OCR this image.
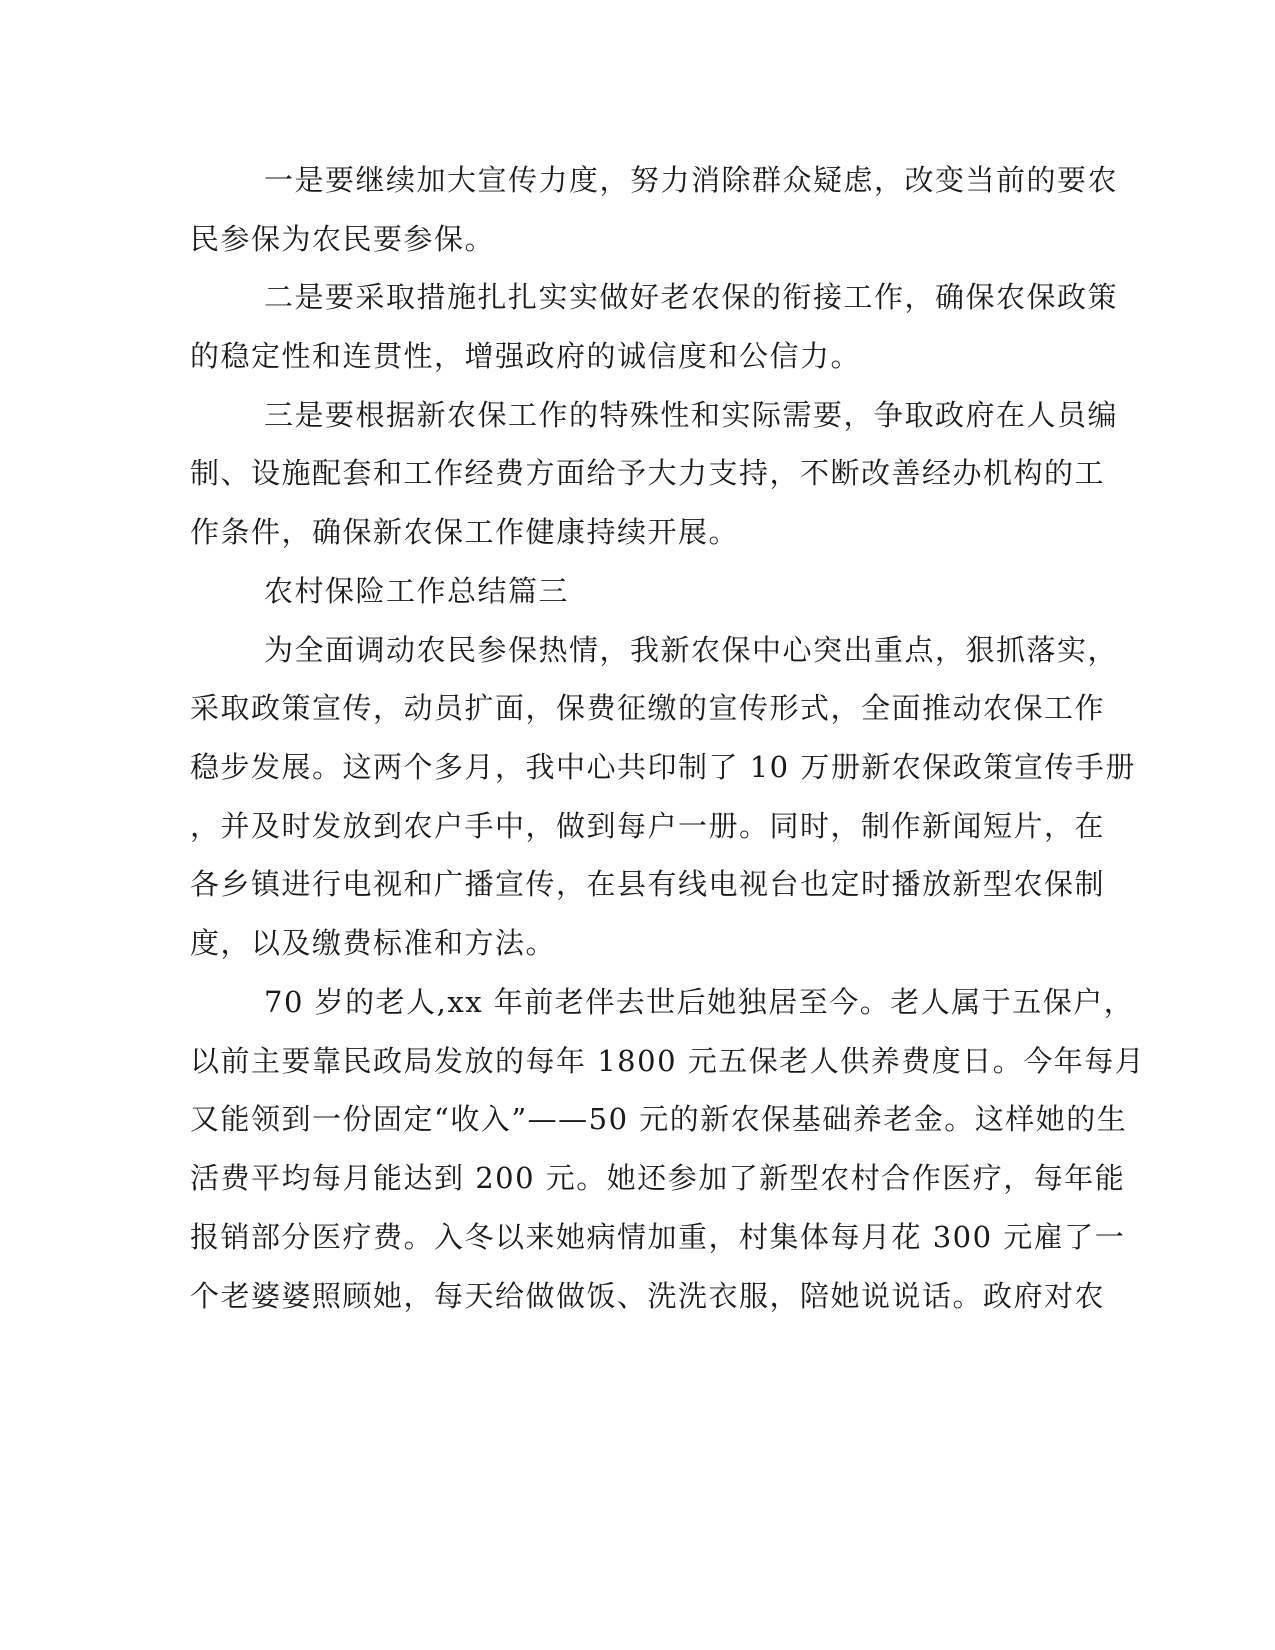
一是要继续加大宣传力度，努力消除群众疑虑，改变当前的要农
民参保为农民要参保。
二是要采取措施扎扎实实做好老农保的衔接工作，确保农保政策
的稳定性和连贯性，增强政府的诚信度和公信力。
三是要根据新农保工作的特殊性和实际需要，争取政府在人员编
制、设施配套和工作经费方面给予大力支持，不断改善经办机构的工
作条件，确保新农保工作健康持续开展。
农村保险工作总结篇三
为全面调动农民参保热情，我新农保中心突出重点，狠抓落实，
采取政策宣传，动员扩面，保费征缴的宣传形式，全面推动农保工作
稳步发展。这两个多月，我中心共印制了 10 万册新农保政策宣传手册
，并及时发放到农户手中，做到每户一册。同时，制作新闻短片，在
各乡镇进行电视和广播宣传，在县有线电视台也定时播放新型农保制
度，以及缴费标准和方法。
70 岁的老人,xx 年前老伴去世后她独居至今。老人属于五保户，
以前主要靠民政局发放的每年 1800 元五保老人供养费度日。今年每月
又能领到一份固定“收入”——50 元的新农保基础养老金。这样她的生
活费平均每月能达到 200 元。她还参加了新型农村合作医疗，每年能
报销部分医疗费。入冬以来她病情加重，村集体每月花 300 元雇了一
个老婆婆照顾她，每天给做做饭、洗洗衣服，陪她说说话。政府对农
